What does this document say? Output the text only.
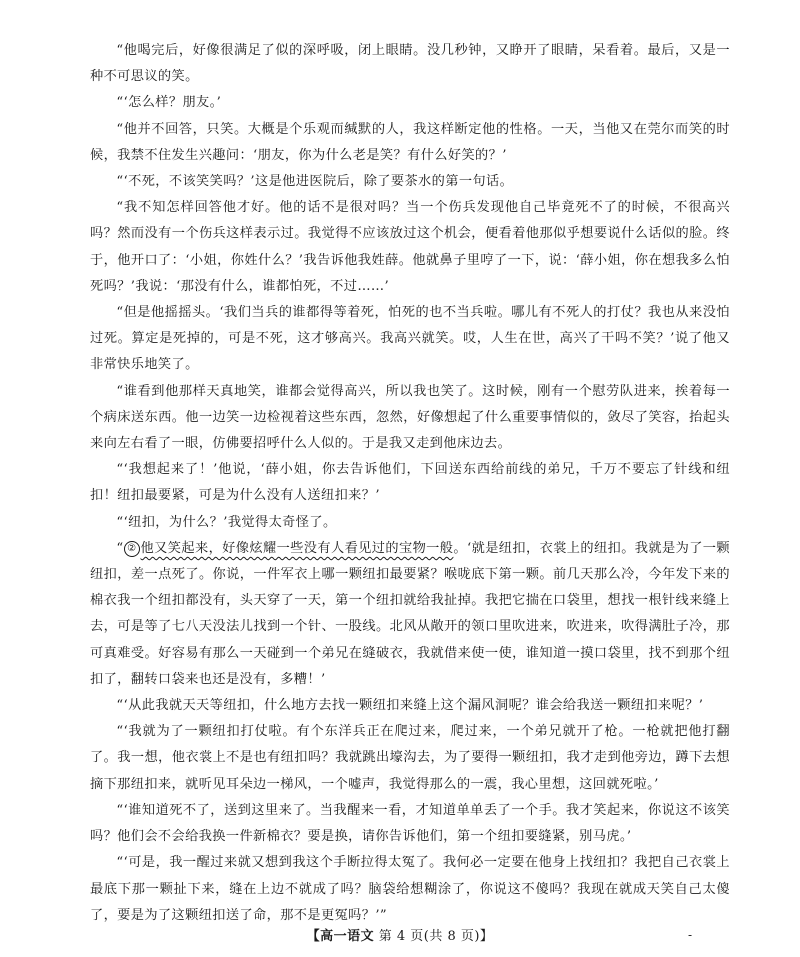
“他喝完后，好像很满足了似的深呼吸，闭上眼睛。没几秒钟，又睁开了眼睛，呆看着。最后，又是一种不可思议的笑。

“‘怎么样？朋友。’

“他并不回答，只笑。大概是个乐观而缄默的人，我这样断定他的性格。一天，当他又在莞尔而笑的时候，我禁不住发生兴趣问：‘朋友，你为什么老是笑？有什么好笑的？’

“‘不死，不该笑笑吗？’这是他进医院后，除了要茶水的第一句话。

“我不知怎样回答他才好。他的话不是很对吗？当一个伤兵发现他自己毕竟死不了的时候，不很高兴吗？然而没有一个伤兵这样表示过。我觉得不应该放过这个机会，便看着他那似乎想要说什么话似的脸。终于，他开口了：‘小姐，你姓什么？’我告诉他我姓薛。他就鼻子里哼了一下，说：‘薛小姐，你在想我多么怕死吗？’我说：‘那没有什么，谁都怕死，不过……’

“但是他摇摇头。‘我们当兵的谁都得等着死，怕死的也不当兵啦。哪儿有不死人的打仗？我也从来没怕过死。算定是死掉的，可是不死，这才够高兴。我高兴就笑。哎，人生在世，高兴了干吗不笑？’说了他又非常快乐地笑了。

“谁看到他那样天真地笑，谁都会觉得高兴，所以我也笑了。这时候，刚有一个慰劳队进来，挨着每一个病床送东西。他一边笑一边检视着这些东西，忽然，好像想起了什么重要事情似的，敛尽了笑容，抬起头来向左右看了一眼，仿佛要招呼什么人似的。于是我又走到他床边去。

“‘我想起来了！’他说，‘薛小姐，你去告诉他们，下回送东西给前线的弟兄，千万不要忘了针线和纽扣！纽扣最要紧，可是为什么没有人送纽扣来？’

“‘纽扣，为什么？’我觉得太奇怪了。

“ ② 他又笑起来，好像炫耀一些没有人看见过的宝物一般。‘就是纽扣，衣裳上的纽扣。我就是为了一颗纽扣，差一点死了。你说，一件军衣上哪一颗纽扣最要紧？喉咙底下第一颗。前几天那么冷，今年发下来的棉衣我一个纽扣都没有，头天穿了一天，第一个纽扣就给我扯掉。我把它揣在口袋里，想找一根针线来缝上去，可是等了七八天没法儿找到一个针、一股线。北风从敞开的领口里吹进来，吹进来，吹得满肚子冷，那可真难受。好容易有那么一天碰到一个弟兄在缝破衣，我就借来使一使，谁知道一摸口袋里，找不到那个纽扣了，翻转口袋来也还是没有，多糟！’

“‘从此我就天天等纽扣，什么地方去找一颗纽扣来缝上这个漏风洞呢？谁会给我送一颗纽扣来呢？’

“‘我就为了一颗纽扣打仗啦。有个东洋兵正在爬过来，爬过来，一个弟兄就开了枪。一枪就把他打翻了。我一想，他衣裳上不是也有纽扣吗？我就跳出壕沟去，为了要得一颗纽扣，我才走到他旁边，蹲下去想摘下那纽扣来，就听见耳朵边一梯风，一个嘘声，我觉得那么的一震，我心里想，这回就死啦。’

“‘谁知道死不了，送到这里来了。当我醒来一看，才知道单单丢了一个手。我才笑起来，你说这不该笑吗？他们会不会给我换一件新棉衣？要是换，请你告诉他们，第一个纽扣要缝紧，别马虎。’

“‘可是，我一醒过来就又想到我这个手断拉得太冤了。我何必一定要在他身上找纽扣？我把自己衣裳上最底下那一颗扯下来，缝在上边不就成了吗？脑袋给想糊涂了，你说这不傻吗？我现在就成天笑自己太傻了，要是为了这颗纽扣送了命，那不是更冤吗？’”

【高一语文 第 4 页(共 8 页)】	-
